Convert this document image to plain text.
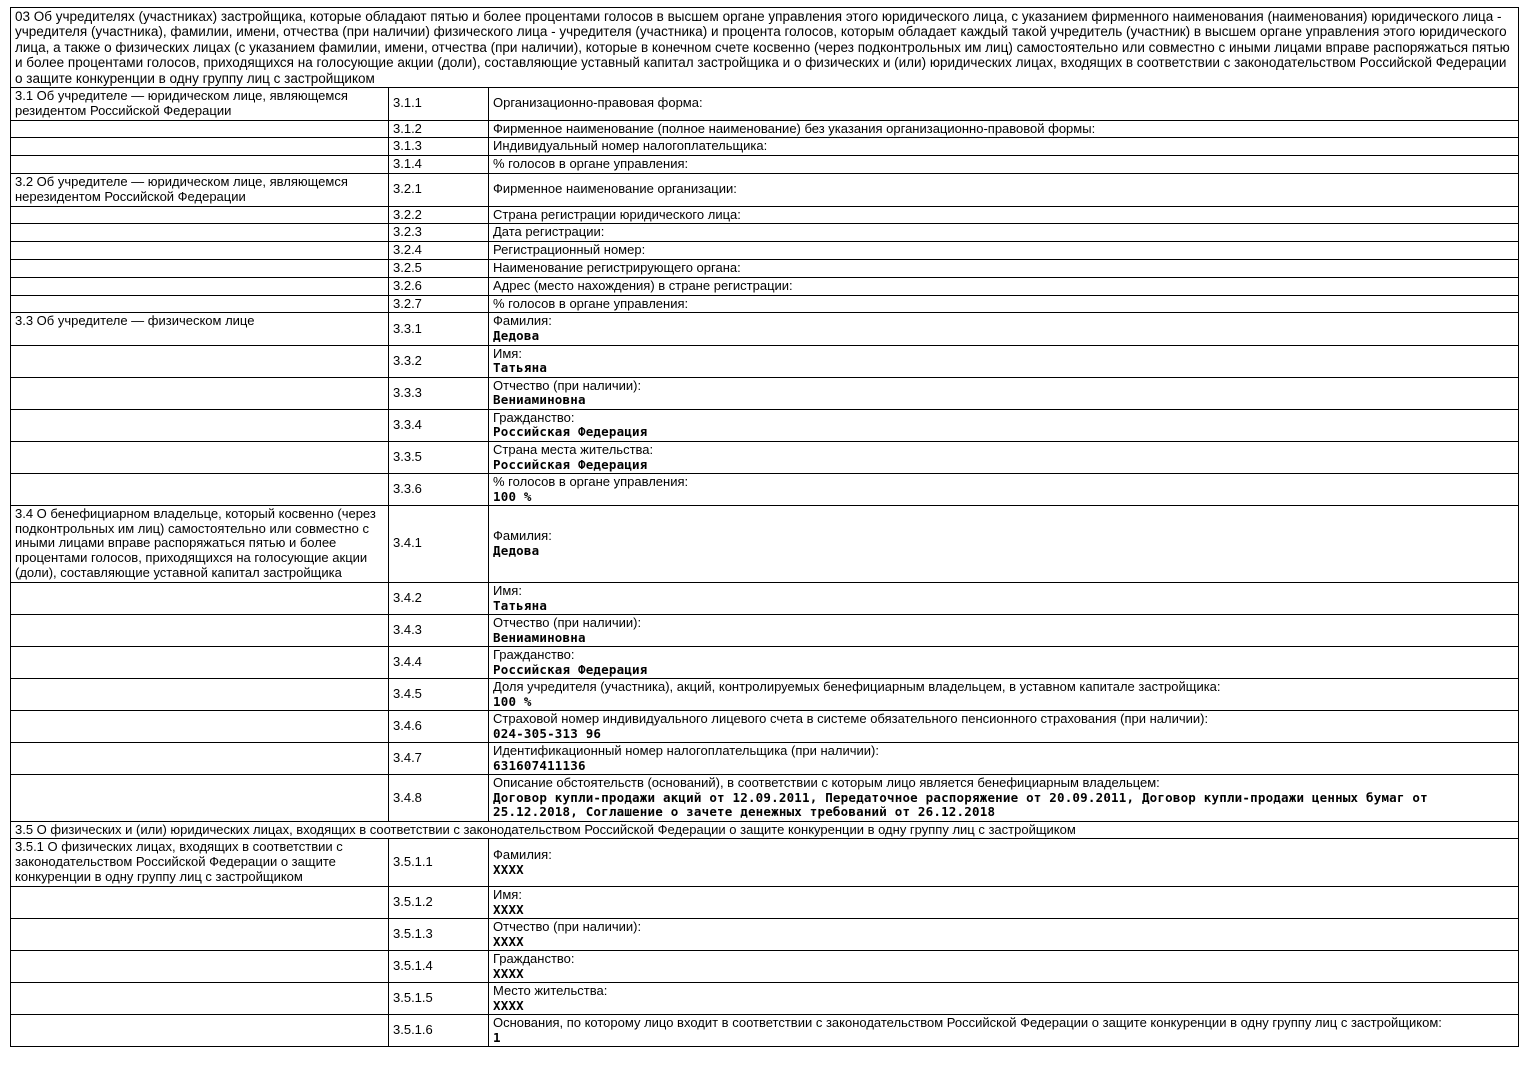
03 Об учредителях (участниках) застройщика, которые обладают пятью и более процентами голосов в высшем органе управления этого юридического лица, с указанием фирменного наименования (наименования) юридического лица - учредителя (участника), фамилии, имени, отчества (при наличии) физического лица - учредителя (участника) и процента голосов, которым обладает каждый такой учредитель (участник) в высшем органе управления этого юридического лица, а также о физических лицах (с указанием фамилии, имени, отчества (при наличии), которые в конечном счете косвенно (через подконтрольных им лиц) самостоятельно или совместно с иными лицами вправе распоряжаться пятью и более процентами голосов, приходящихся на голосующие акции (доли), составляющие уставный капитал застройщика и о физических и (или) юридических лицах, входящих в соответствии с законодательством Российской Федерации о защите конкуренции в одну группу лиц с застройщиком		
3.1 Об учредителе — юридическом лице, являющемся резидентом Российской Федерации	3.1.1	Организационно-правовая форма:

	3.1.2	Фирменное наименование (полное наименование) без указания организационно-правовой формы:

	3.1.3	Индивидуальный номер налогоплательщика:

	3.1.4	% голосов в органе управления:

3.2 Об учредителе — юридическом лице, являющемся нерезидентом Российской Федерации	3.2.1	Фирменное наименование организации:

	3.2.2	Страна регистрации юридического лица:

	3.2.3	Дата регистрации:

	3.2.4	Регистрационный номер:

	3.2.5	Наименование регистрирующего органа:

	3.2.6	Адрес (место нахождения) в стране регистрации:

	3.2.7	% голосов в органе управления:

3.3 Об учредителе — физическом лице	3.3.1	Фамилия:
Дедова

	3.3.2	Имя:
Татьяна

	3.3.3	Отчество (при наличии):
Вениаминовна

	3.3.4	Гражданство:
Российская Федерация

	3.3.5	Страна места жительства:
Российская Федерация

	3.3.6	% голосов в органе управления:
100 %

3.4 О бенефициарном владельце, который косвенно (через подконтрольных им лиц) самостоятельно или совместно с иными лицами вправе распоряжаться пятью и более процентами голосов, приходящихся на голосующие акции (доли), составляющие уставной капитал застройщика	3.4.1	Фамилия:
Дедова

	3.4.2	Имя:
Татьяна

	3.4.3	Отчество (при наличии):
Вениаминовна

	3.4.4	Гражданство:
Российская Федерация

	3.4.5	Доля учредителя (участника), акций, контролируемых бенефициарным владельцем, в уставном капитале застройщика:
100 %

	3.4.6	Страховой номер индивидуального лицевого счета в системе обязательного пенсионного страхования (при наличии):
024-305-313 96

	3.4.7	Идентификационный номер налогоплательщика (при наличии):
631607411136

	3.4.8	Описание обстоятельств (оснований), в соответствии с которым лицо является бенефициарным владельцем:
Договор купли-продажи акций от 12.09.2011, Передаточное распоряжение от 20.09.2011, Договор купли-продажи ценных бумаг от 25.12.2018, Соглашение о зачете денежных требований от 26.12.2018

3.5 О физических и (или) юридических лицах, входящих в соответствии с законодательством Российской Федерации о защите конкуренции в одну группу лиц с застройщиком		
3.5.1 О физических лицах, входящих в соответствии с законодательством Российской Федерации о защите конкуренции в одну группу лиц с застройщиком	3.5.1.1	Фамилия:
XXXX

	3.5.1.2	Имя:
XXXX

	3.5.1.3	Отчество (при наличии):
XXXX

	3.5.1.4	Гражданство:
XXXX

	3.5.1.5	Место жительства:
XXXX

	3.5.1.6	Основания, по которому лицо входит в соответствии с законодательством Российской Федерации о защите конкуренции в одну группу лиц с застройщиком:
1
